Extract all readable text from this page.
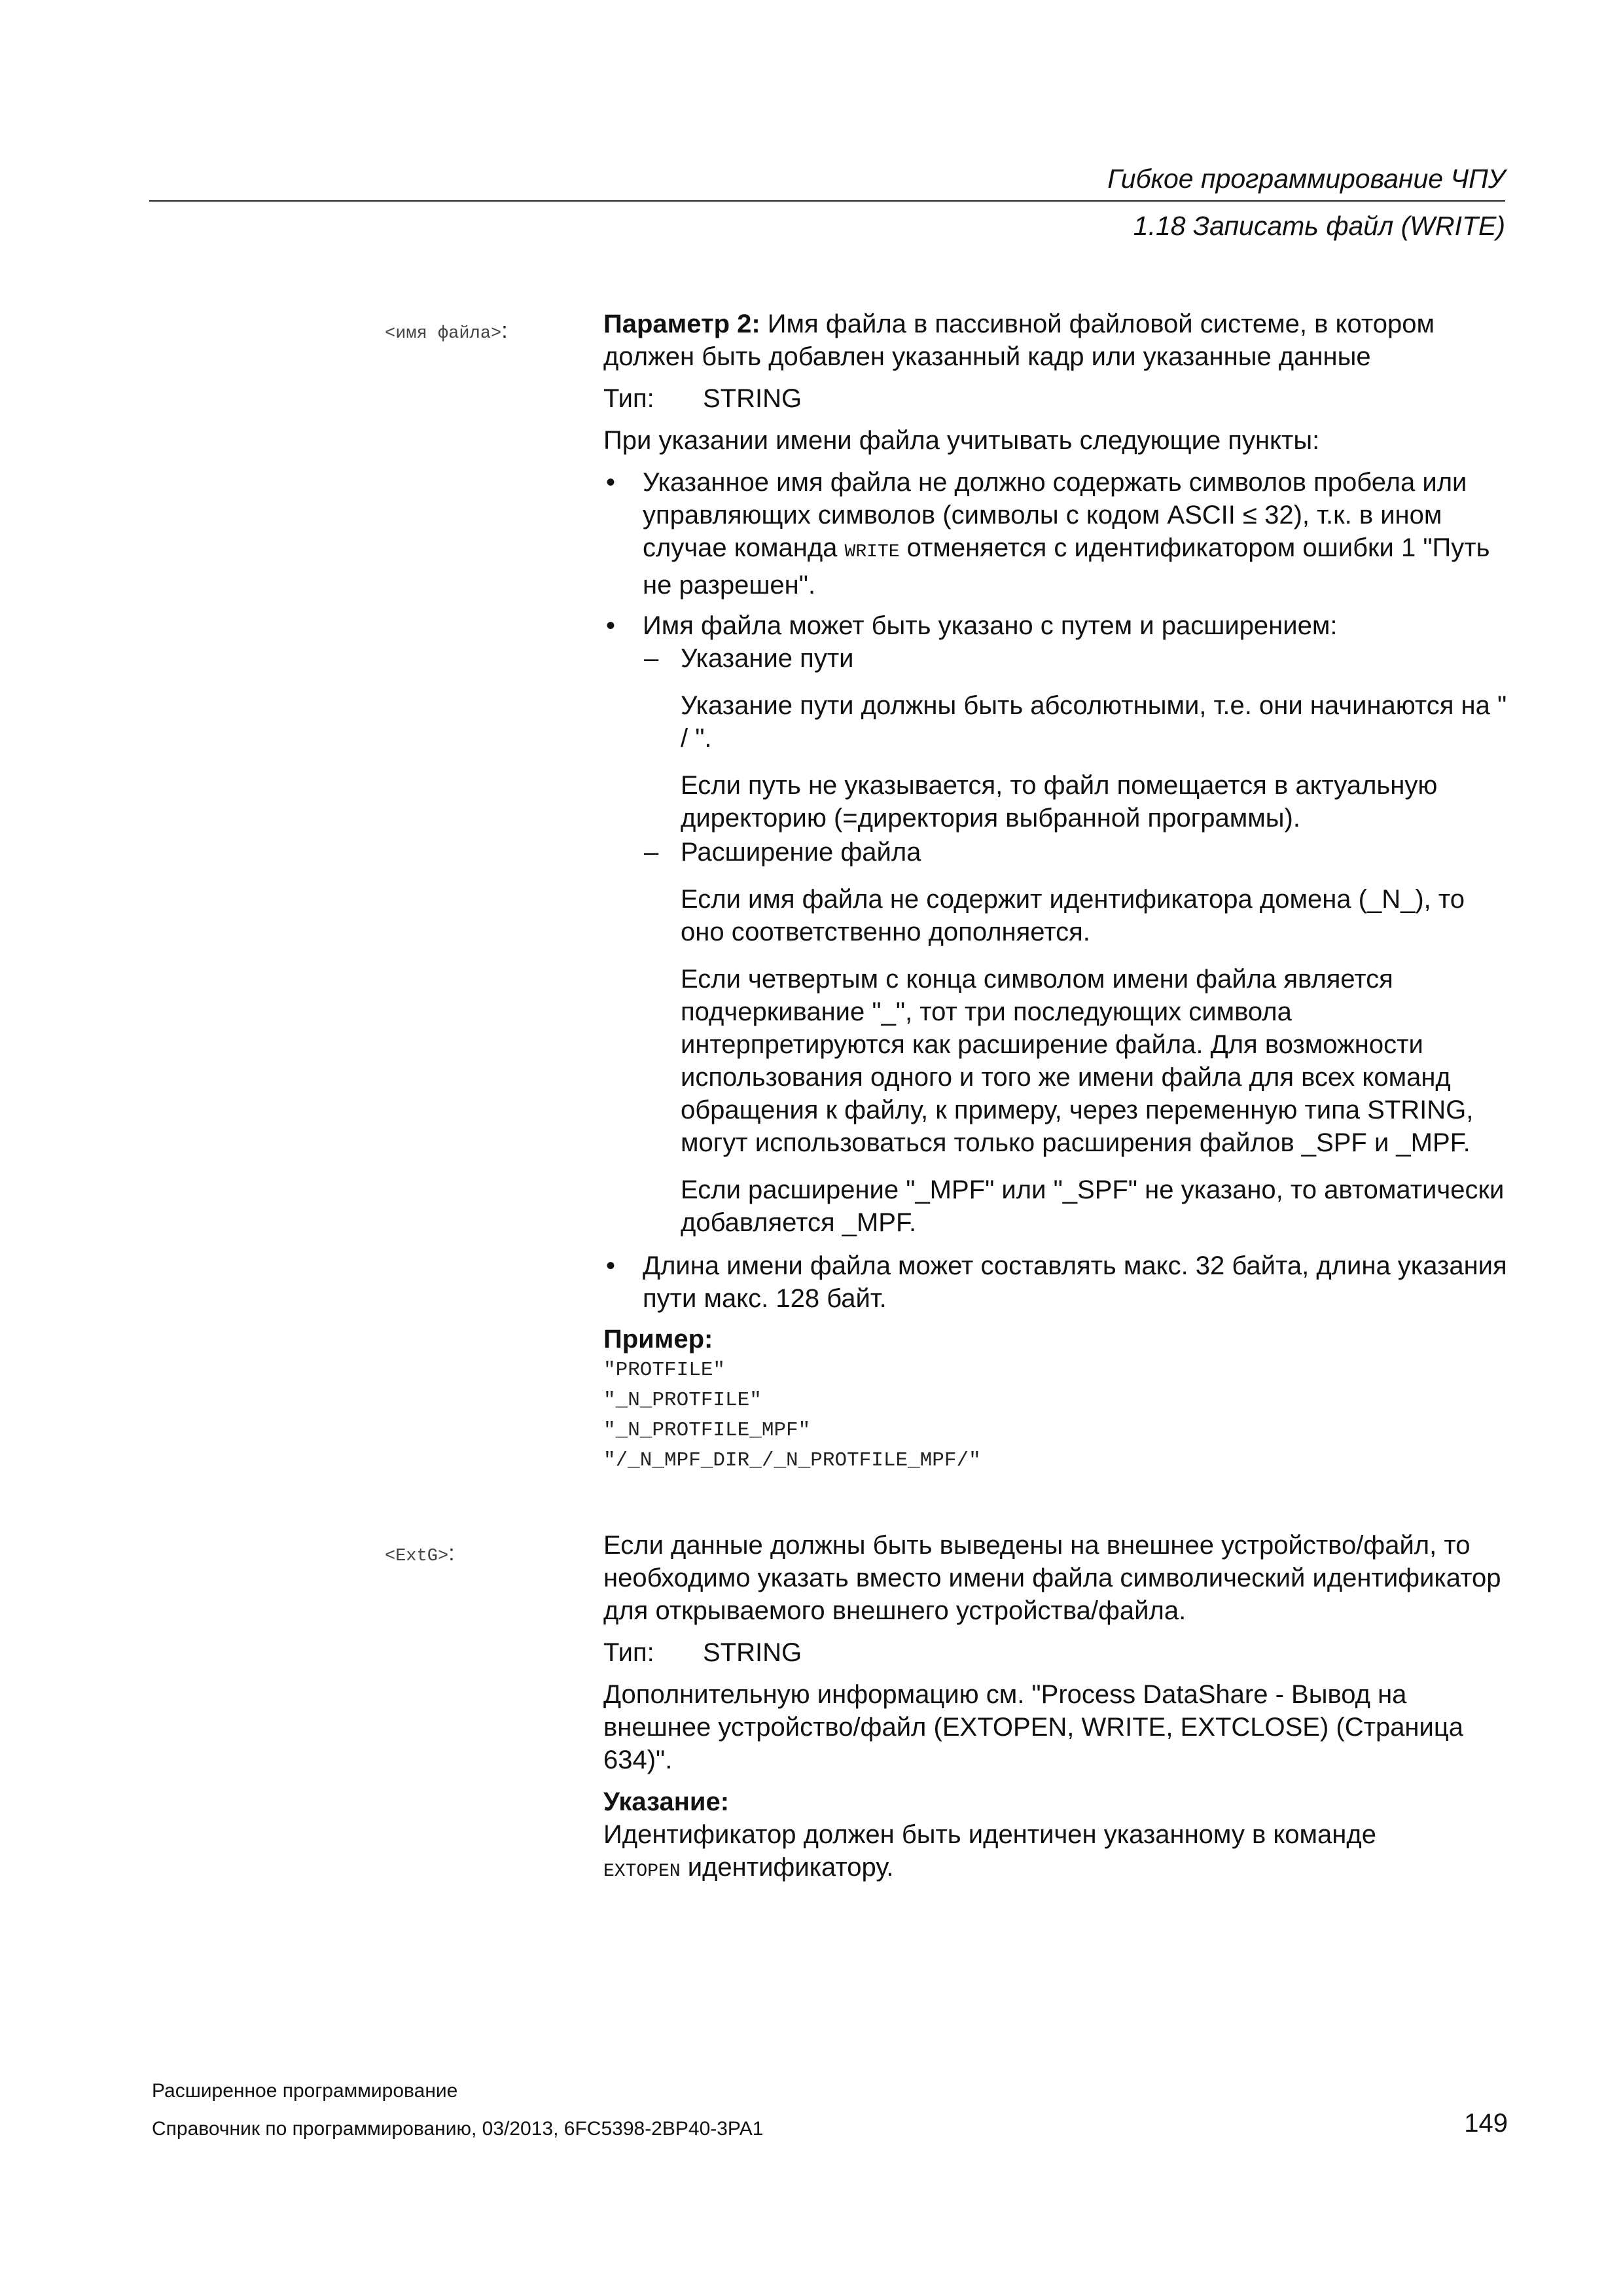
Гибкое программирование ЧПУ
1.18 Записать файл (WRITE)
<имя файла>:	Параметр 2: Имя файла в пассивной файловой системе, в котором должен быть добавлен указанный кадр или указанные данные

Тип: STRING

При указании имени файла учитывать следующие пункты:

• Указанное имя файла не должно содержать символов пробела или управляющих символов (символы с кодом ASCII ≤ 32), т.к. в ином случае команда WRITE отменяется с идентификатором ошибки 1 "Путь не разрешен".
• Имя файла может быть указано с путем и расширением:
– Указание пути

Указание пути должны быть абсолютными, т.е. они начинаются на " / ".

Если путь не указывается, то файл помещается в актуальную директорию (=директория выбранной программы).

– Расширение файла

Если имя файла не содержит идентификатора домена (_N_), то оно соответственно дополняется.

Если четвертым с конца символом имени файла является подчеркивание "_", тот три последующих символа интерпретируются как расширение файла. Для возможности использования одного и того же имени файла для всех команд обращения к файлу, к примеру, через переменную типа STRING, могут использоваться только расширения файлов _SPF и _MPF.

Если расширение "_MPF" или "_SPF" не указано, то автоматически добавляется _MPF.

• Длина имени файла может составлять макс. 32 байта, длина указания пути макс. 128 байт.

Пример:

"PROTFILE"
"_N_PROTFILE"
"_N_PROTFILE_MPF"
"/_N_MPF_DIR_/_N_PROTFILE_MPF/"
<ExtG>:	Если данные должны быть выведены на внешнее устройство/файл, то необходимо указать вместо имени файла символический идентификатор для открываемого внешнего устройства/файла.

Тип: STRING

Дополнительную информацию см. "Process DataShare - Вывод на внешнее устройство/файл (EXTOPEN, WRITE, EXTCLOSE) (Страница 634)".

Указание:

Идентификатор должен быть идентичен указанному в команде
EXTOPEN идентификатору.

Расширенное программирование
Справочник по программированию, 03/2013, 6FC5398-2BP40-3PA1	149
